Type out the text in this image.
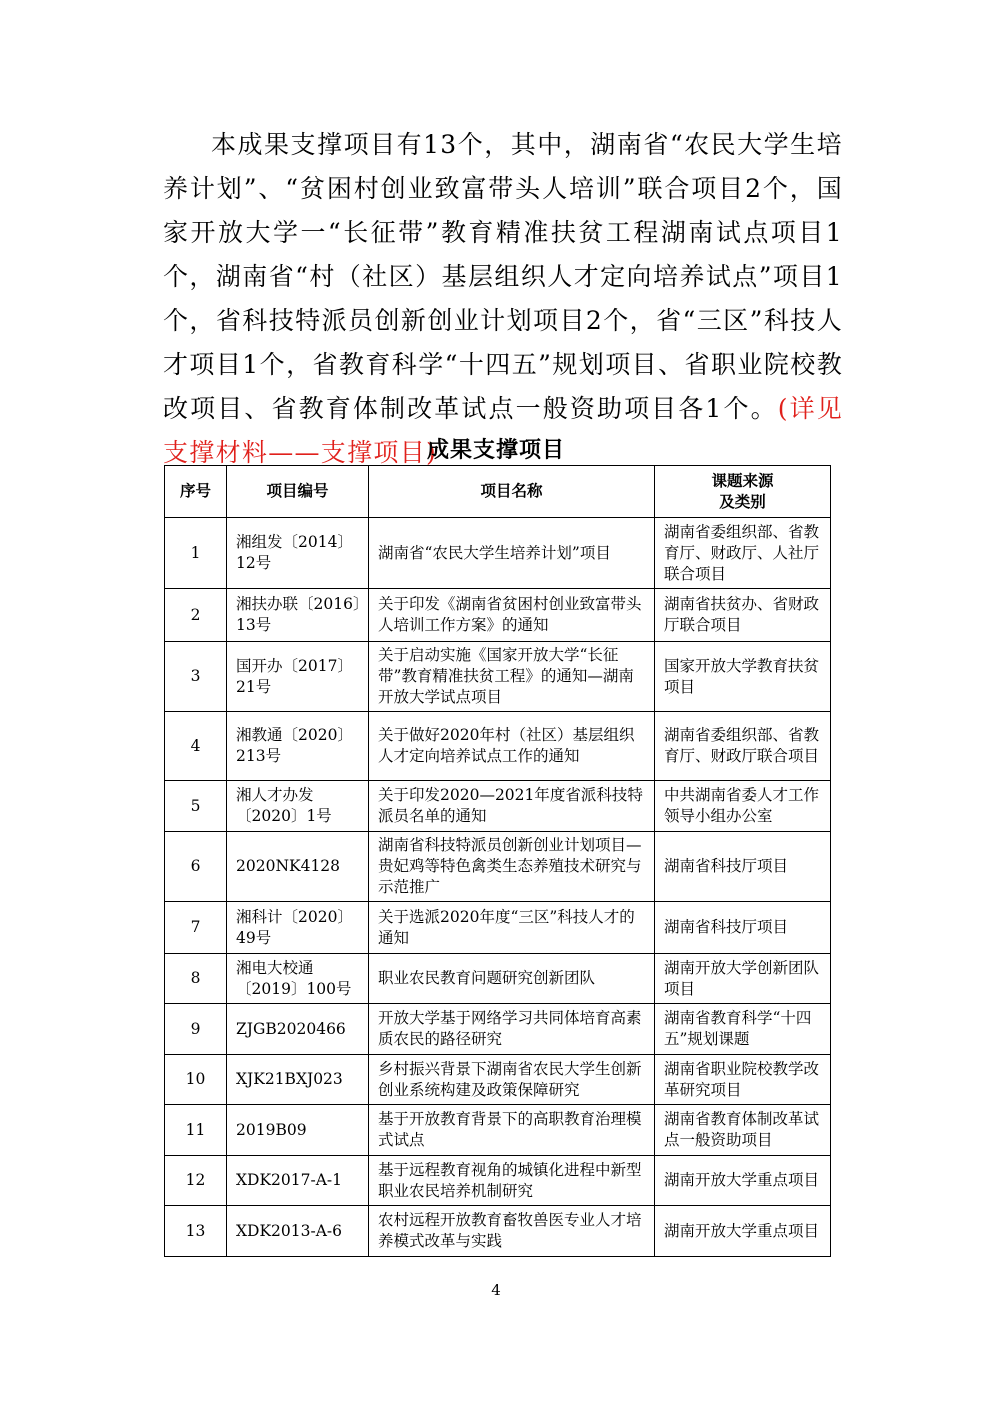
本成果支撑项目有13个，其中，湖南省“农民大学生培养计划”、“贫困村创业致富带头人培训”联合项目2个，国家开放大学一“长征带”教育精准扶贫工程湖南试点项目1个，湖南省“村（社区）基层组织人才定向培养试点”项目1个，省科技特派员创新创业计划项目2个，省“三区”科技人才项目1个，省教育科学“十四五”规划项目、省职业院校教改项目、省教育体制改革试点一般资助项目各1个。(详见支撑材料——支撑项目)

成果支撑项目
序号	项目编号	项目名称	课题来源
及类别
1	湘组发〔2014〕12号	湖南省“农民大学生培养计划”项目	湖南省委组织部、省教育厅、财政厅、人社厅联合项目
2	湘扶办联〔2016〕13号	关于印发《湖南省贫困村创业致富带头人培训工作方案》的通知	湖南省扶贫办、省财政厅联合项目
3	国开办〔2017〕21号	关于启动实施《国家开放大学“长征带”教育精准扶贫工程》的通知—湖南开放大学试点项目	国家开放大学教育扶贫项目
4	湘教通〔2020〕213号	关于做好2020年村（社区）基层组织人才定向培养试点工作的通知	湖南省委组织部、省教育厅、财政厅联合项目
5	湘人才办发〔2020〕1号	关于印发2020—2021年度省派科技特派员名单的通知	中共湖南省委人才工作领导小组办公室
6	2020NK4128	湖南省科技特派员创新创业计划项目—贵妃鸡等特色禽类生态养殖技术研究与示范推广	湖南省科技厅项目
7	湘科计〔2020〕49号	关于选派2020年度“三区”科技人才的通知	湖南省科技厅项目
8	湘电大校通〔2019〕100号	职业农民教育问题研究创新团队	湖南开放大学创新团队项目
9	ZJGB2020466	开放大学基于网络学习共同体培育高素质农民的路径研究	湖南省教育科学“十四五”规划课题
10	XJK21BXJ023	乡村振兴背景下湖南省农民大学生创新创业系统构建及政策保障研究	湖南省职业院校教学改革研究项目
11	2019B09	基于开放教育背景下的高职教育治理模式试点	湖南省教育体制改革试点一般资助项目
12	XDK2017-A-1	基于远程教育视角的城镇化进程中新型职业农民培养机制研究	湖南开放大学重点项目
13	XDK2013-A-6	农村远程开放教育畜牧兽医专业人才培养模式改革与实践	湖南开放大学重点项目
4
